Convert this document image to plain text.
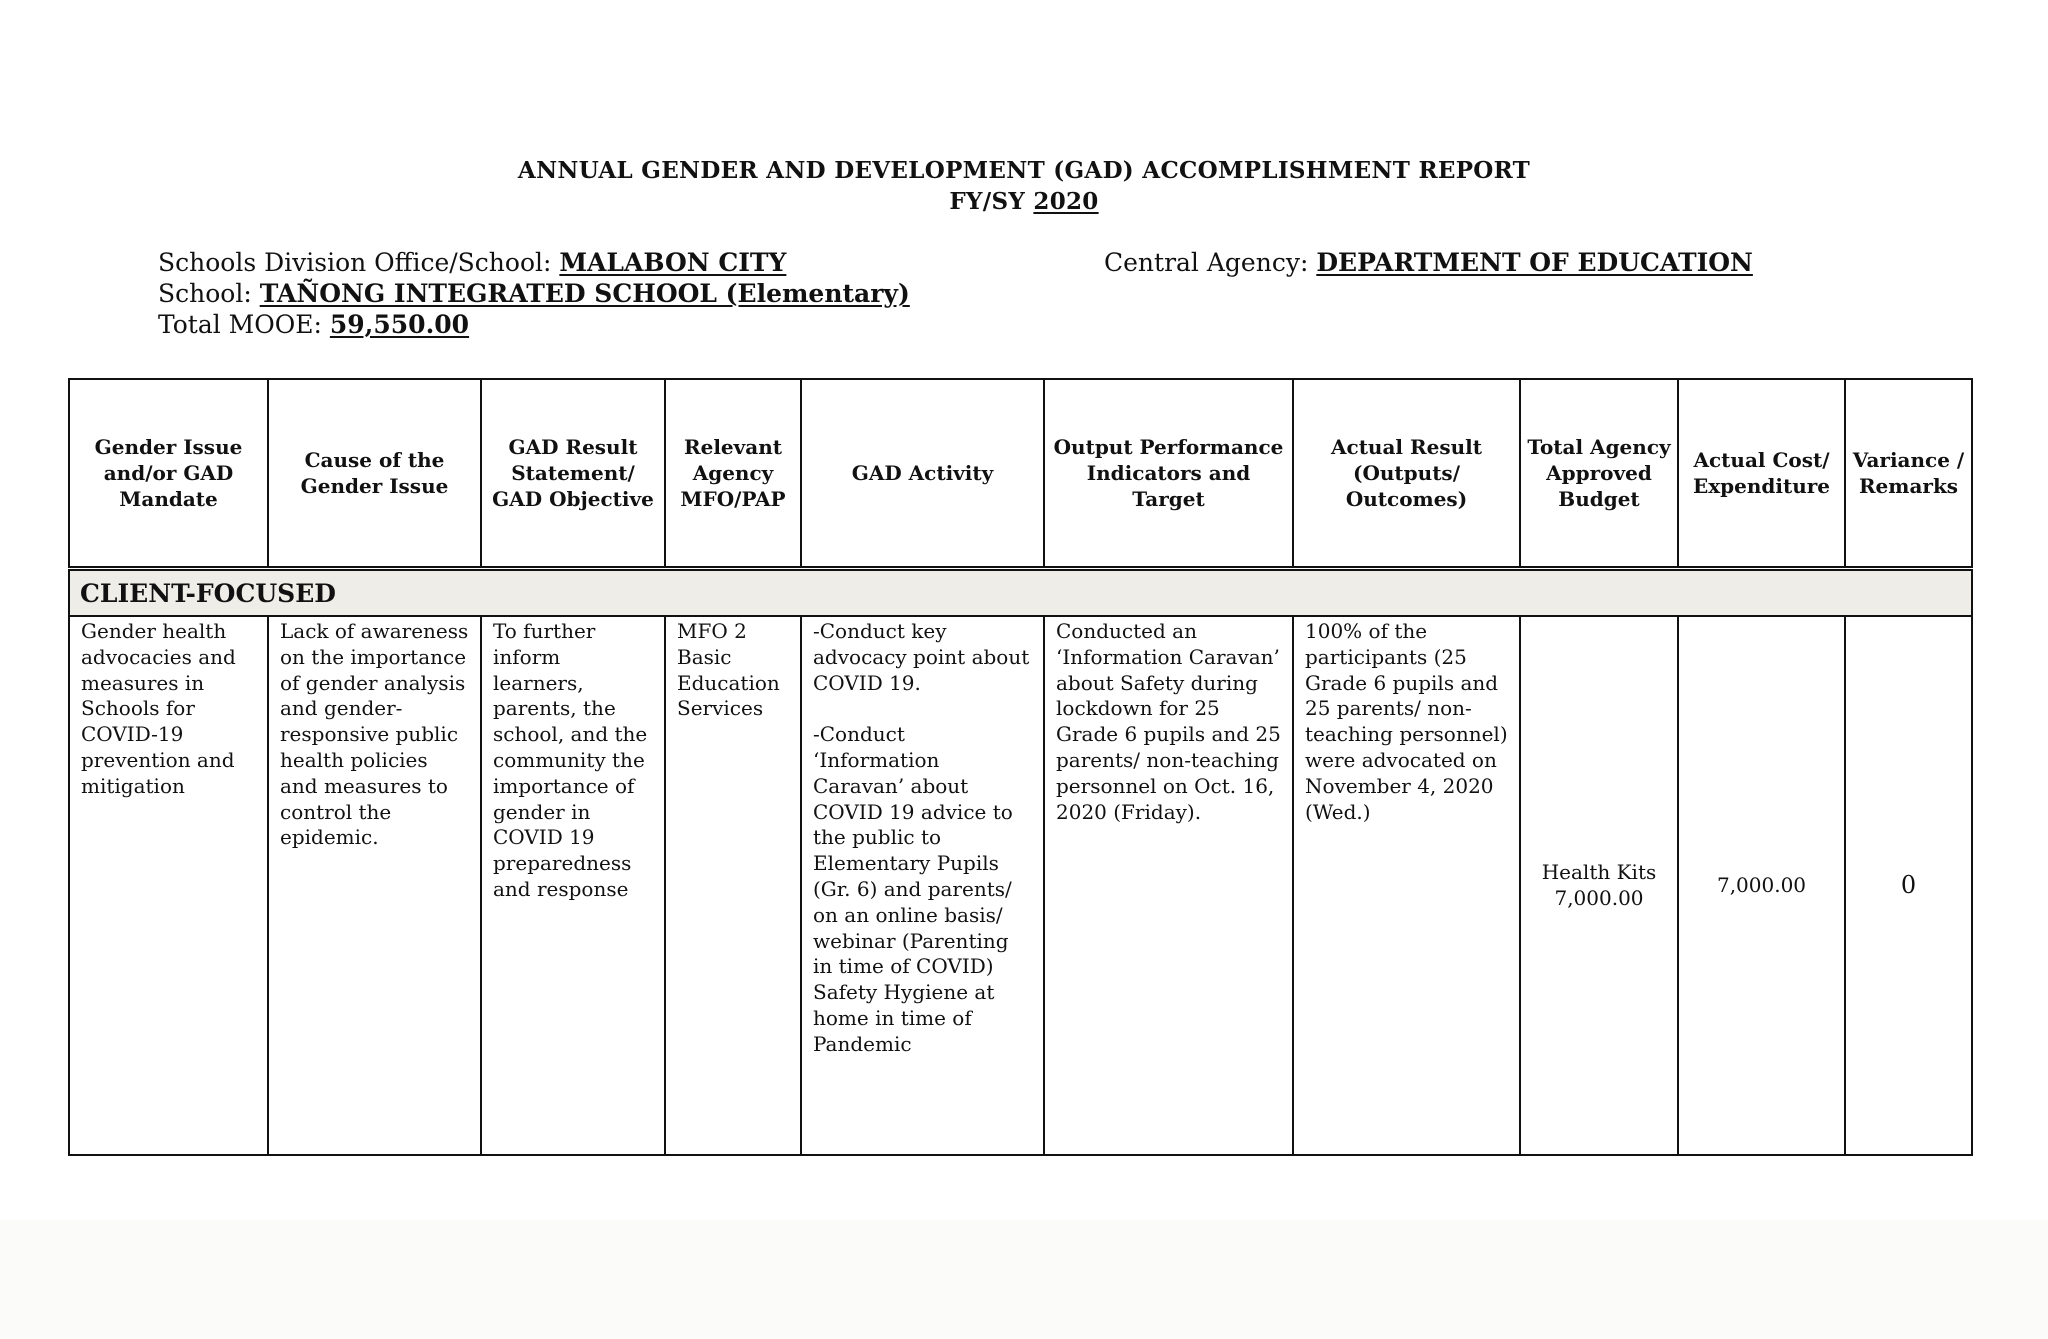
ANNUAL GENDER AND DEVELOPMENT (GAD) ACCOMPLISHMENT REPORT
FY/SY 2020
Schools Division Office/School: MALABON CITY	Central Agency: DEPARTMENT OF EDUCATION
School: TAÑONG INTEGRATED SCHOOL (Elementary)
Total MOOE: 59,550.00
Gender Issue and/or GAD Mandate	Cause of the Gender Issue	GAD Result Statement/ GAD Objective	Relevant Agency MFO/PAP	GAD Activity	Output Performance Indicators and Target	Actual Result (Outputs/ Outcomes)	Total Agency Approved Budget	Actual Cost/ Expenditure	Variance / Remarks
CLIENT-FOCUSED									
Gender health advocacies and measures in Schools for COVID-19 prevention and mitigation	Lack of awareness on the importance of gender analysis and gender-responsive public health policies and measures to control the epidemic.	To further inform learners, parents, the school, and the community the importance of gender in COVID 19 preparedness and response	MFO 2 Basic Education Services	-Conduct key advocacy point about COVID 19.

-Conduct ‘Information Caravan’ about COVID 19 advice to the public to Elementary Pupils (Gr. 6) and parents/ on an online basis/ webinar (Parenting in time of COVID)
Safety Hygiene at home in time of Pandemic	Conducted an ‘Information Caravan’ about Safety during lockdown for 25 Grade 6 pupils and 25 parents/ non-teaching personnel on Oct. 16, 2020 (Friday).	100% of the participants (25 Grade 6 pupils and 25 parents/ non-teaching personnel)
were advocated on November 4, 2020 (Wed.)	Health Kits
7,000.00	7,000.00	0
